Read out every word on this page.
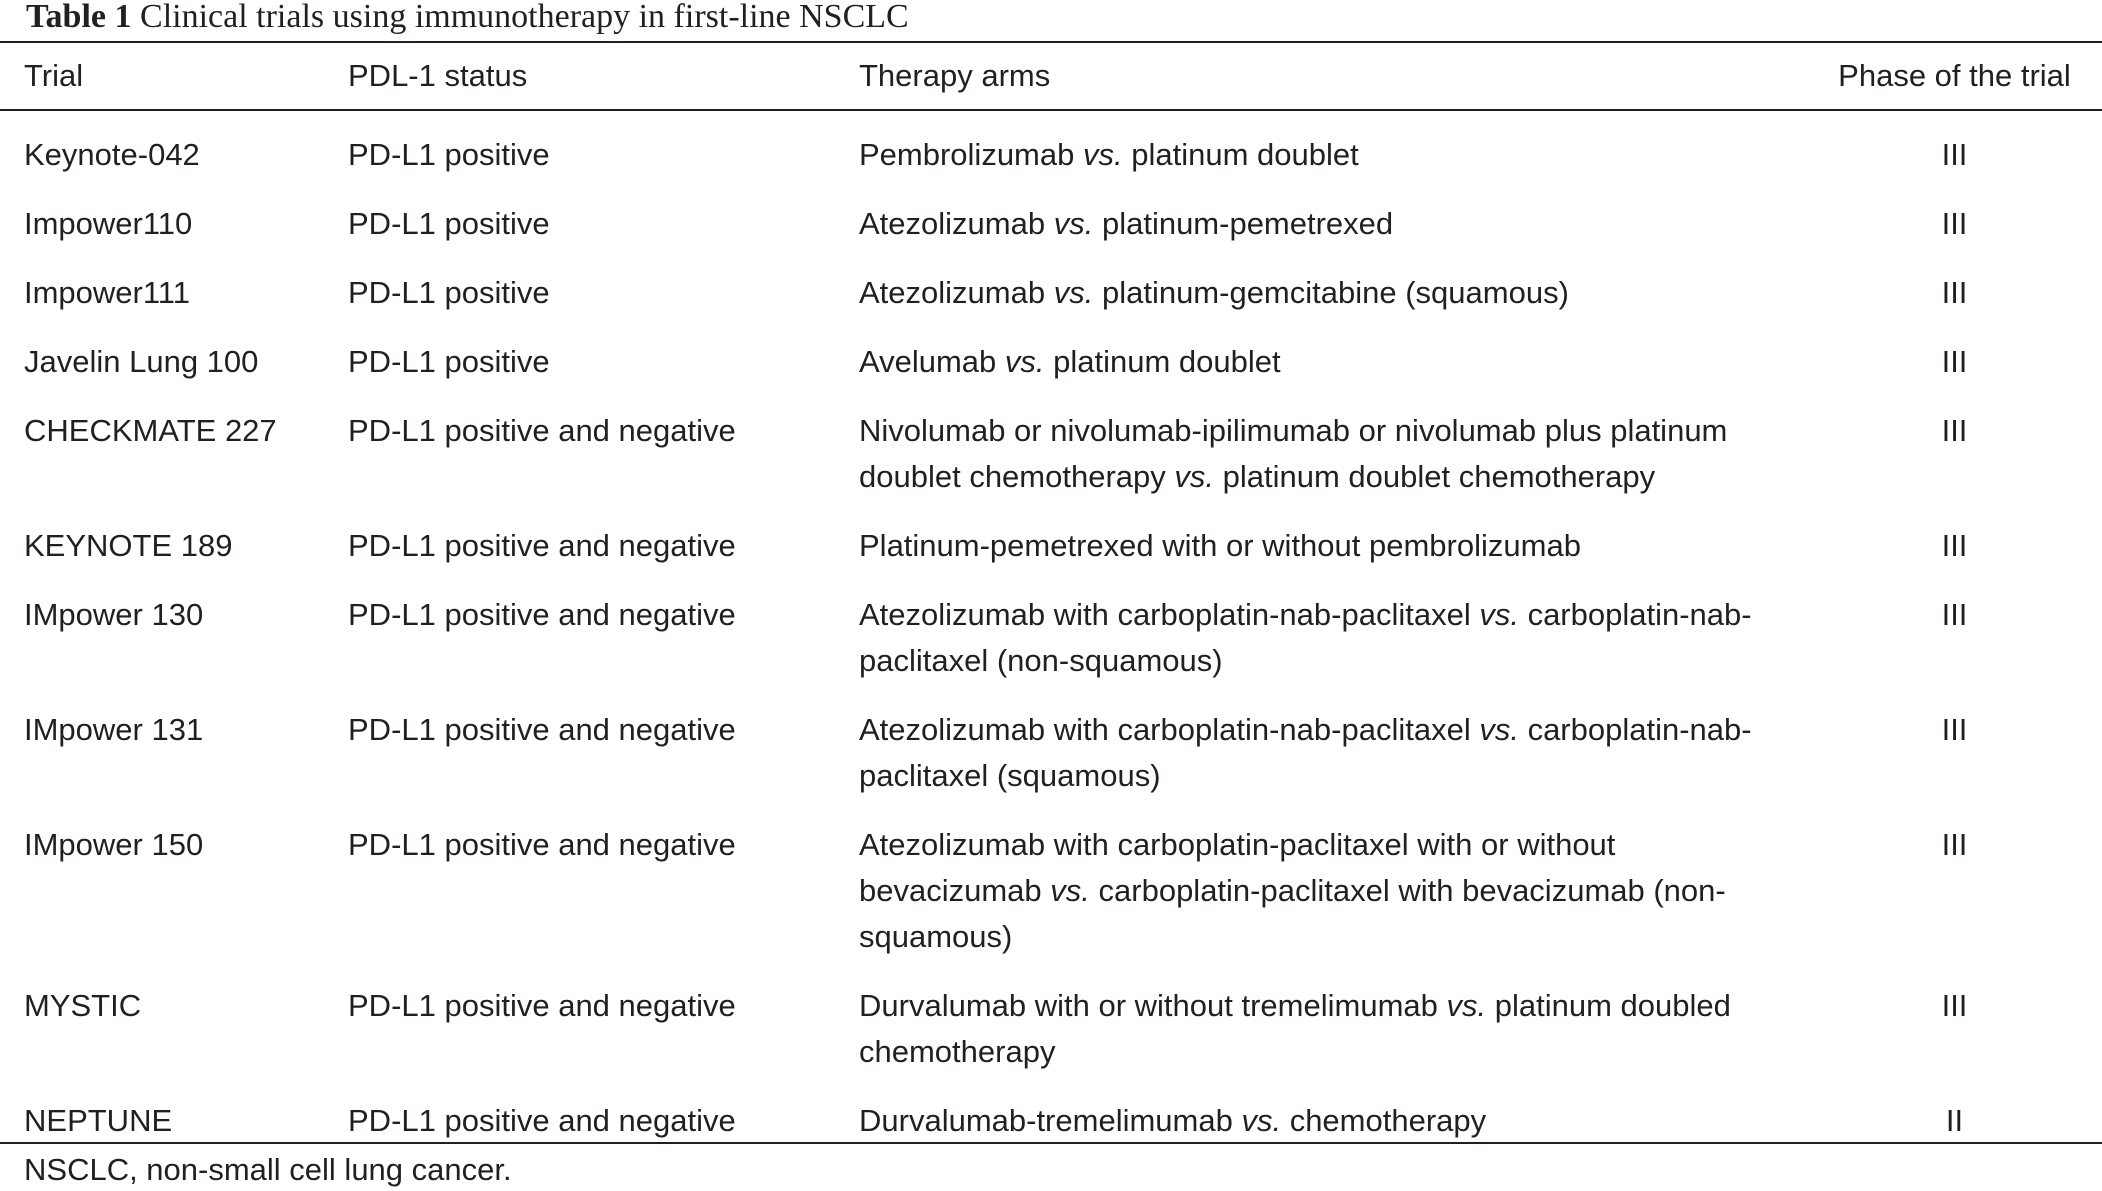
Table 1 Clinical trials using immunotherapy in first-line NSCLC
Trial	PDL-1 status	Therapy arms	Phase of the trial
Keynote-042	PD-L1 positive	Pembrolizumab vs. platinum doublet	III
Impower110	PD-L1 positive	Atezolizumab vs. platinum-pemetrexed	III
Impower111	PD-L1 positive	Atezolizumab vs. platinum-gemcitabine (squamous)	III
Javelin Lung 100	PD-L1 positive	Avelumab vs. platinum doublet	III
CHECKMATE 227	PD-L1 positive and negative	Nivolumab or nivolumab-ipilimumab or nivolumab plus platinum doublet chemotherapy vs. platinum doublet chemotherapy	III
KEYNOTE 189	PD-L1 positive and negative	Platinum-pemetrexed with or without pembrolizumab	III
IMpower 130	PD-L1 positive and negative	Atezolizumab with carboplatin-nab-paclitaxel vs. carboplatin-nab-paclitaxel (non-squamous)	III
IMpower 131	PD-L1 positive and negative	Atezolizumab with carboplatin-nab-paclitaxel vs. carboplatin-nab-paclitaxel (squamous)	III
IMpower 150	PD-L1 positive and negative	Atezolizumab with carboplatin-paclitaxel with or without bevacizumab vs. carboplatin-paclitaxel with bevacizumab (non-squamous)	III
MYSTIC	PD-L1 positive and negative	Durvalumab with or without tremelimumab vs. platinum doubled chemotherapy	III
NEPTUNE	PD-L1 positive and negative	Durvalumab-tremelimumab vs. chemotherapy	II
NSCLC, non-small cell lung cancer.
